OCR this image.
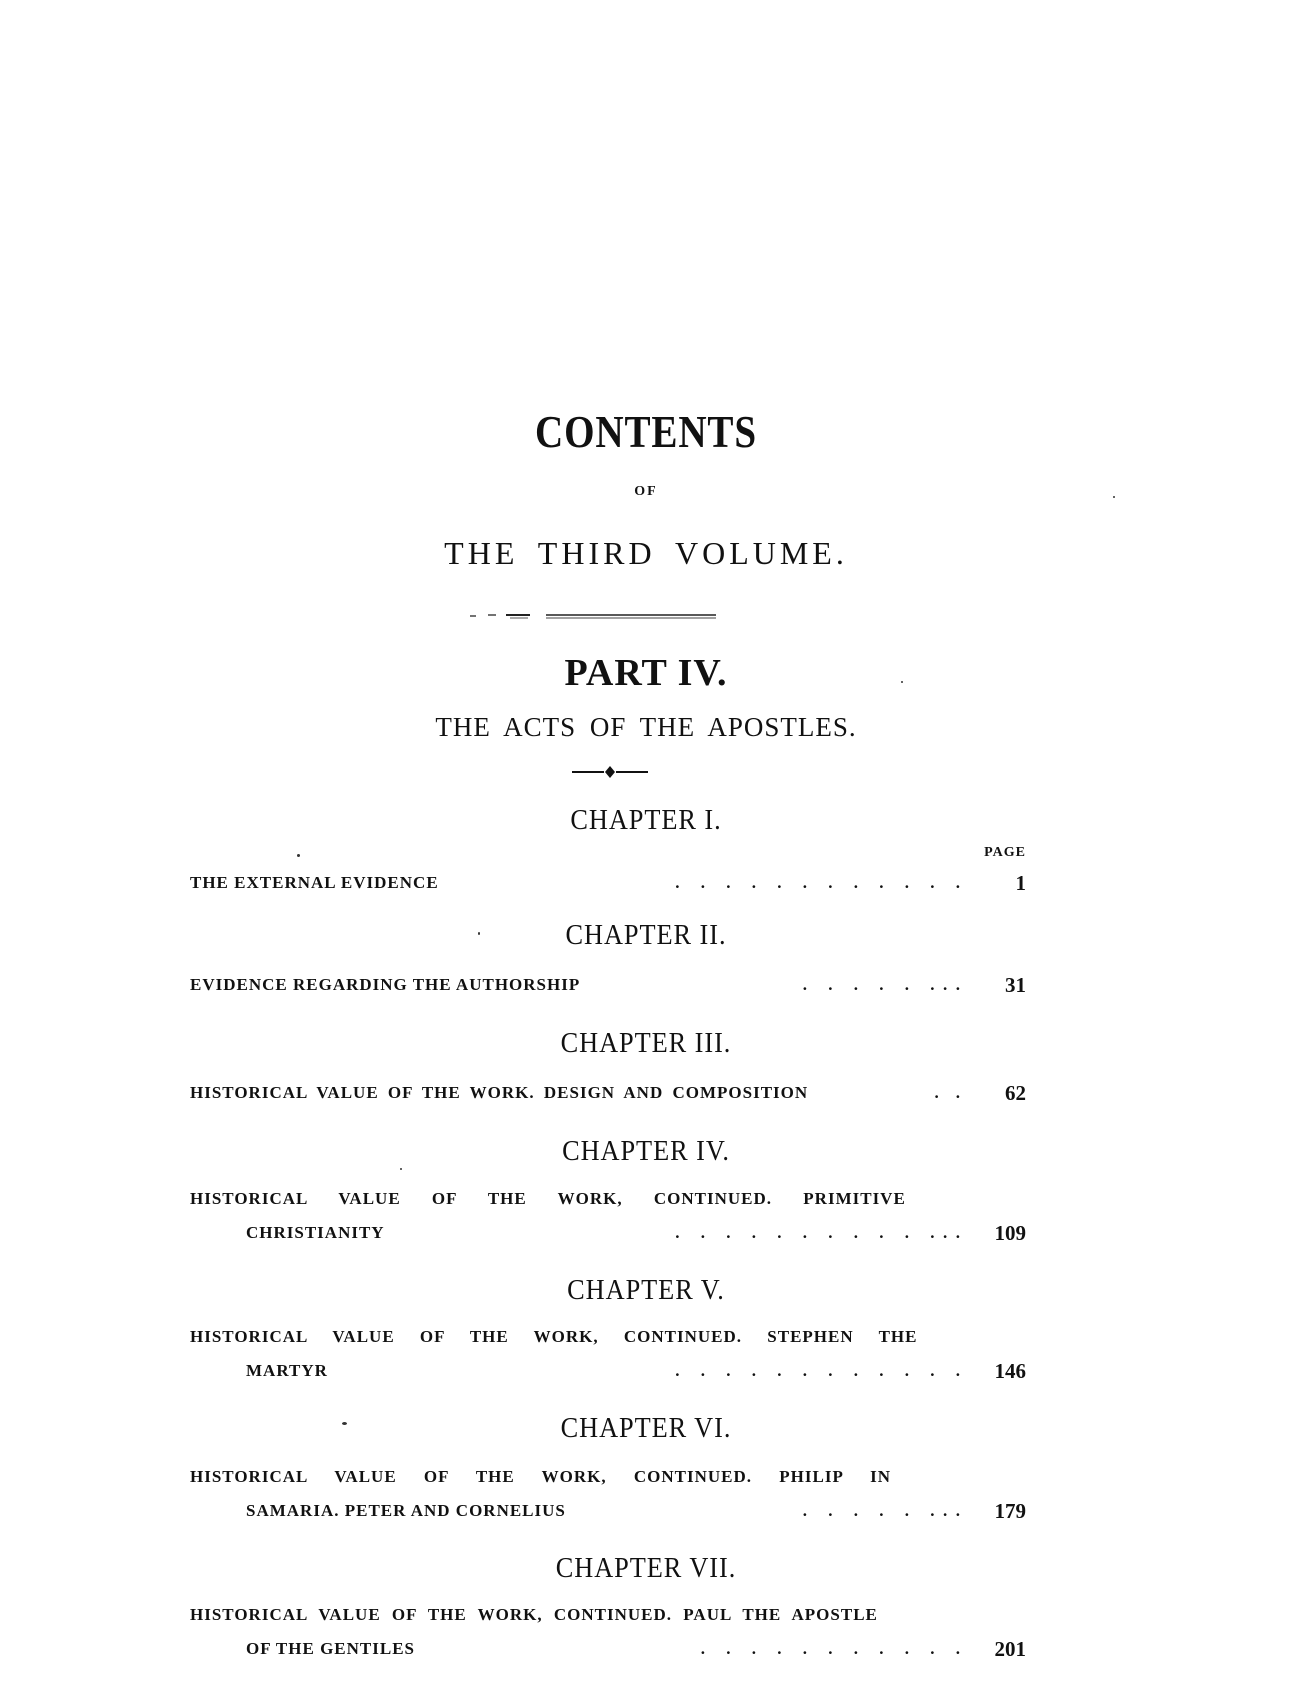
CONTENTS
OF
THE THIRD VOLUME.
PART IV.
THE ACTS OF THE APOSTLES.
CHAPTER I.
PAGE
THE EXTERNAL EVIDENCE	.     .     .     .     .     .     .     .     .     .     .     .	1
CHAPTER II.
EVIDENCE REGARDING THE AUTHORSHIP	.     .     .     .     .     .  .  .	31
CHAPTER III.
HISTORICAL VALUE OF THE WORK. DESIGN AND COMPOSITION	.    .	62
CHAPTER IV.
HISTORICAL VALUE OF THE WORK, CONTINUED. PRIMITIVE
CHRISTIANITY	.     .     .     .     .     .     .     .     .     .     .  .  .	109
CHAPTER V.
HISTORICAL VALUE OF THE WORK, CONTINUED. STEPHEN THE
MARTYR	.     .     .     .     .     .     .     .     .     .     .     .	146
CHAPTER VI.
HISTORICAL VALUE OF THE WORK, CONTINUED. PHILIP IN
SAMARIA. PETER AND CORNELIUS	.     .     .     .     .     .  .  .	179
CHAPTER VII.
HISTORICAL VALUE OF THE WORK, CONTINUED. PAUL THE APOSTLE
OF THE GENTILES	.     .     .     .     .     .     .     .     .     .     .	201
